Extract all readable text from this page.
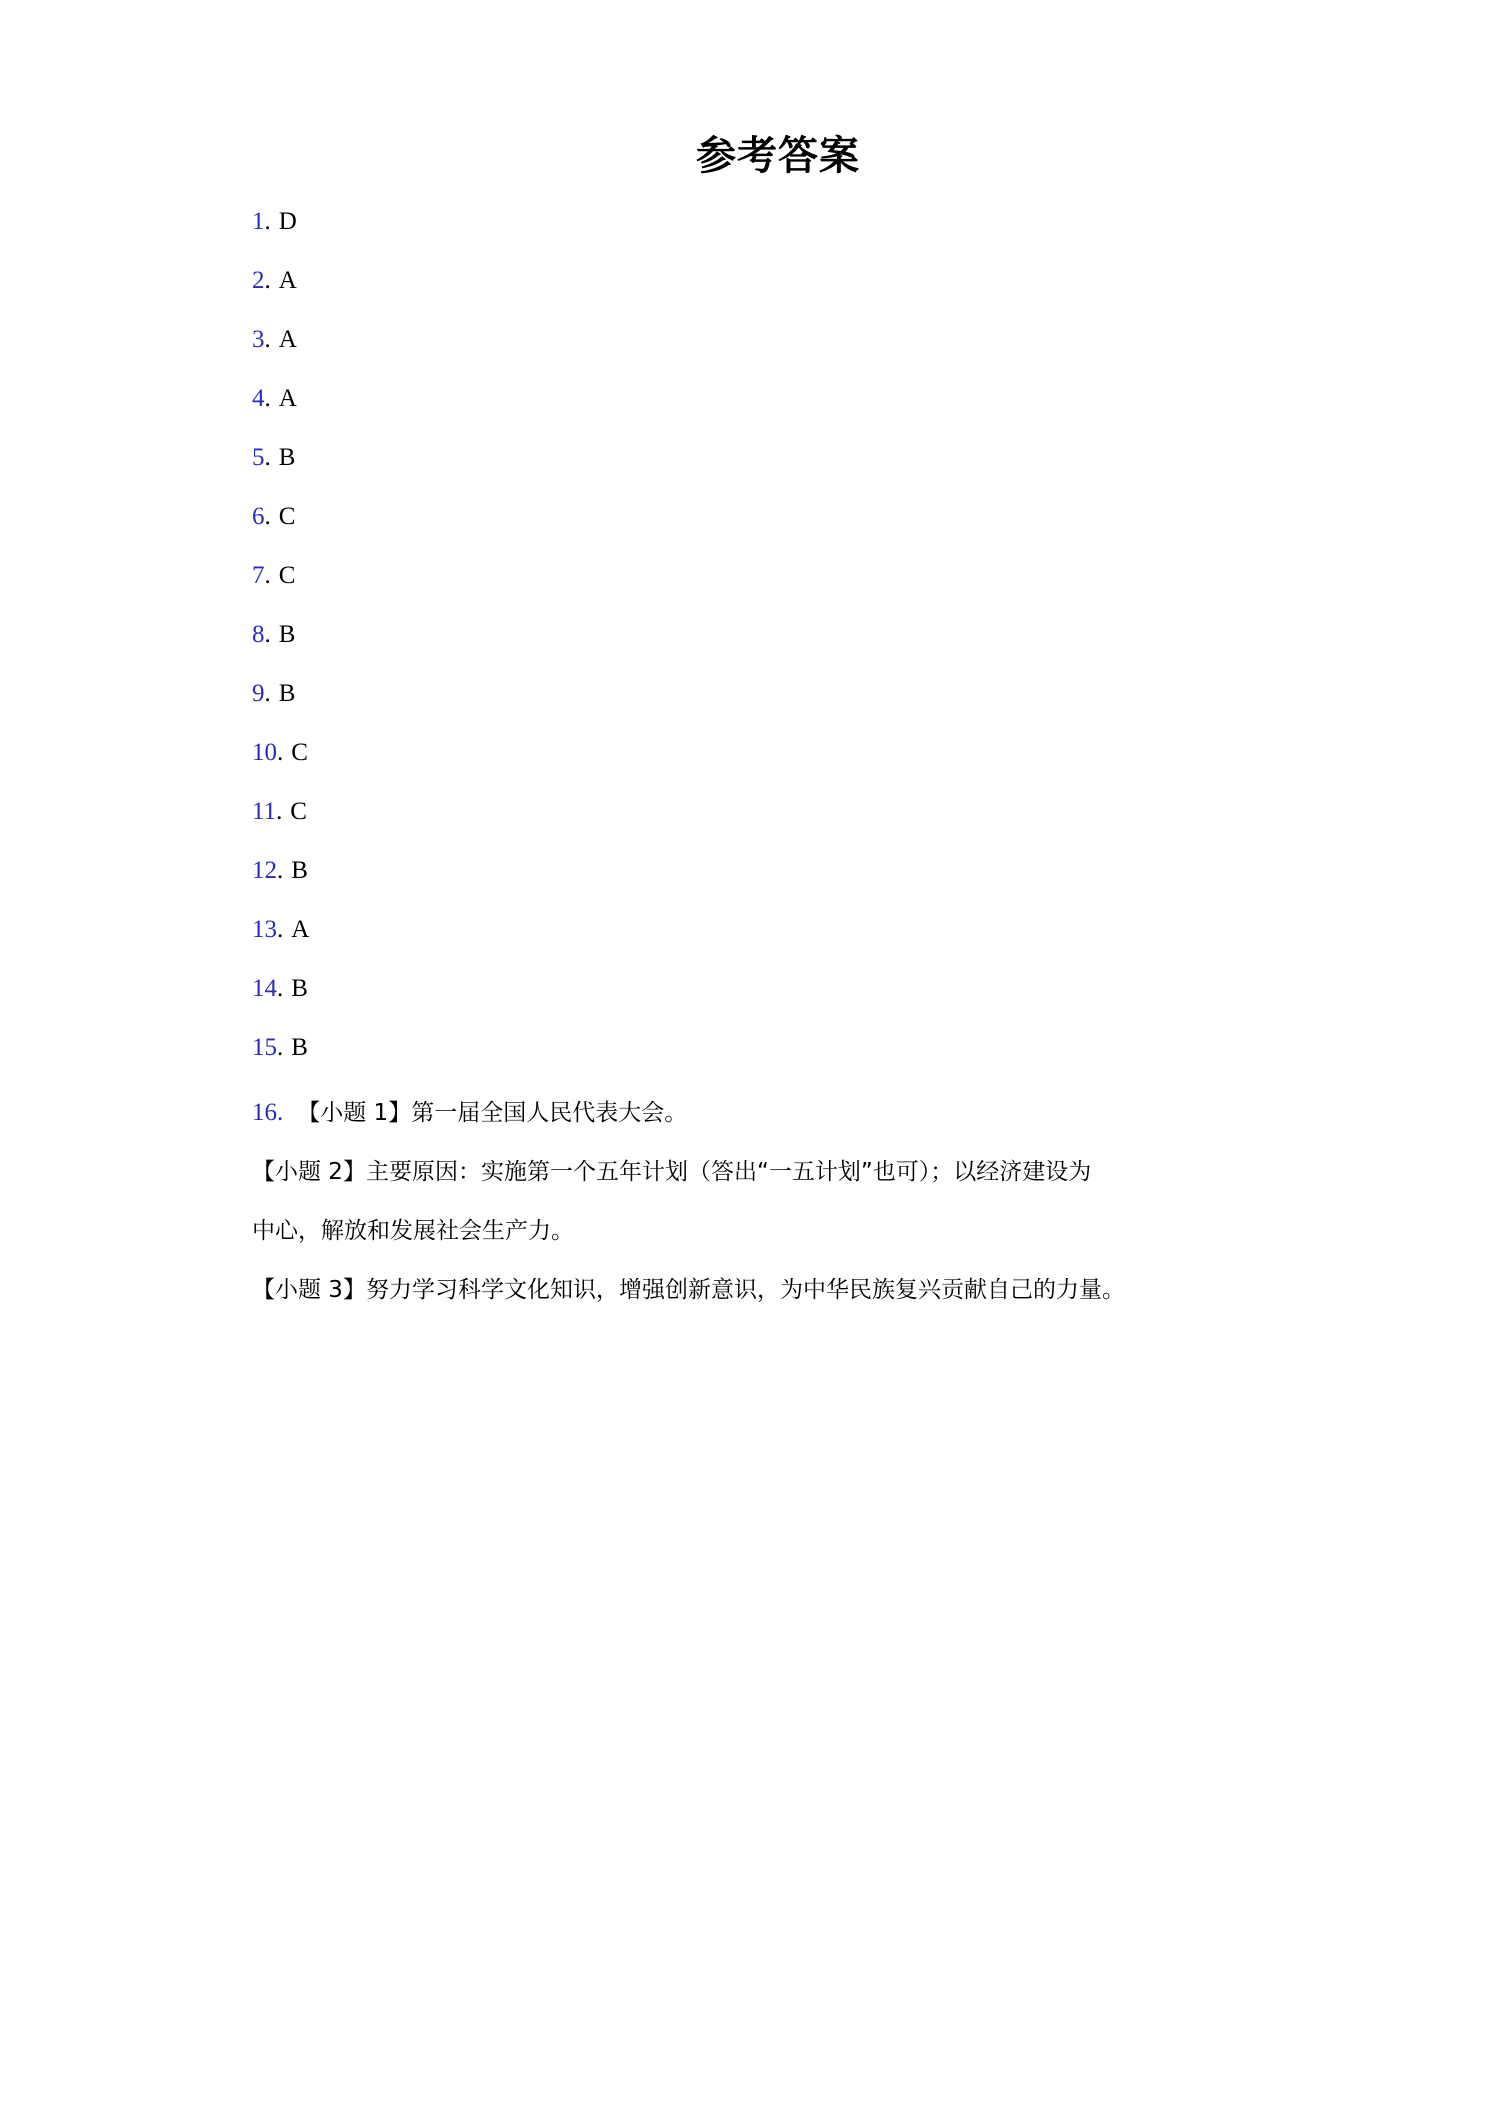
参考答案
1. D
2. A
3. A
4. A
5. B
6. C
7. C
8. B
9. B
10. C
11. C
12. B
13. A
14. B
15. B
16. 【小题 1】第一届全国人民代表大会。
【小题 2】主要原因：实施第一个五年计划（答出“一五计划”也可）；以经济建设为
中心，解放和发展社会生产力。
【小题 3】努力学习科学文化知识，增强创新意识，为中华民族复兴贡献自己的力量。
